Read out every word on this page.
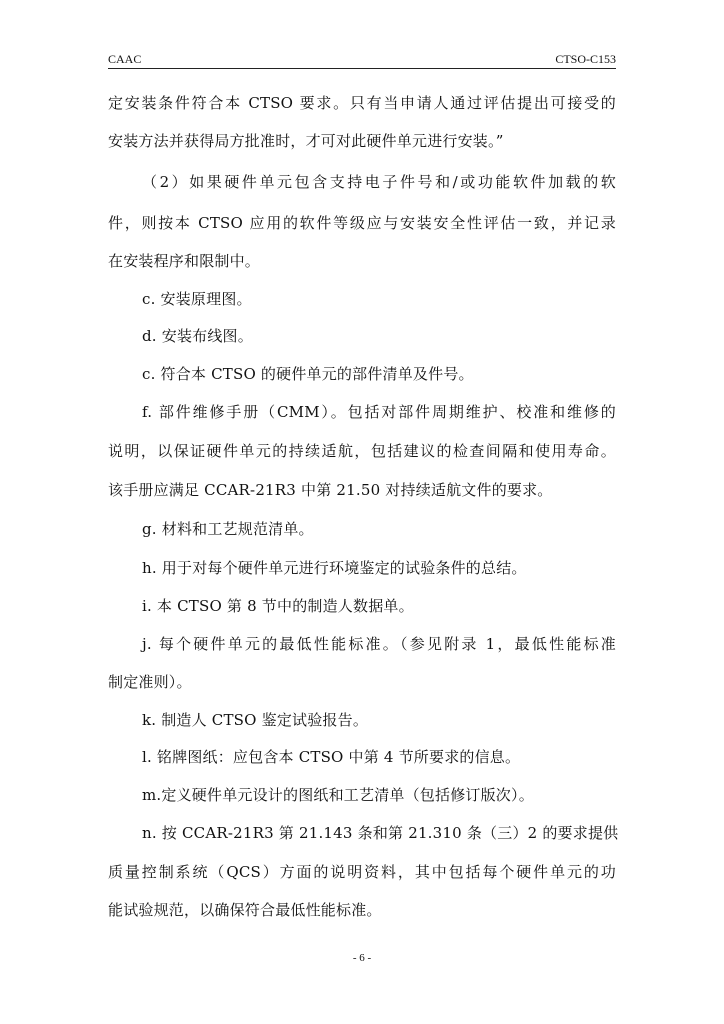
CAAC	CTSO-C153
定安装条件符合本 CTSO 要求。只有当申请人通过评估提出可接受的
安装方法并获得局方批准时，才可对此硬件单元进行安装。”
（2）如果硬件单元包含支持电子件号和/或功能软件加载的软
件，则按本 CTSO 应用的软件等级应与安装安全性评估一致，并记录
在安装程序和限制中。
c. 安装原理图。
d. 安装布线图。
c. 符合本 CTSO 的硬件单元的部件清单及件号。
f. 部件维修手册（CMM）。包括对部件周期维护、校准和维修的
说明，以保证硬件单元的持续适航，包括建议的检查间隔和使用寿命。
该手册应满足 CCAR-21R3 中第 21.50 对持续适航文件的要求。
g. 材料和工艺规范清单。
h. 用于对每个硬件单元进行环境鉴定的试验条件的总结。
i. 本 CTSO 第 8 节中的制造人数据单。
j. 每个硬件单元的最低性能标准。（参见附录 1，最低性能标准
制定准则）。
k. 制造人 CTSO 鉴定试验报告。
l. 铭牌图纸：应包含本 CTSO 中第 4 节所要求的信息。
m.定义硬件单元设计的图纸和工艺清单（包括修订版次）。
n. 按 CCAR-21R3 第 21.143 条和第 21.310 条（三）2 的要求提供
质量控制系统（QCS）方面的说明资料，其中包括每个硬件单元的功
能试验规范，以确保符合最低性能标准。
- 6 -
